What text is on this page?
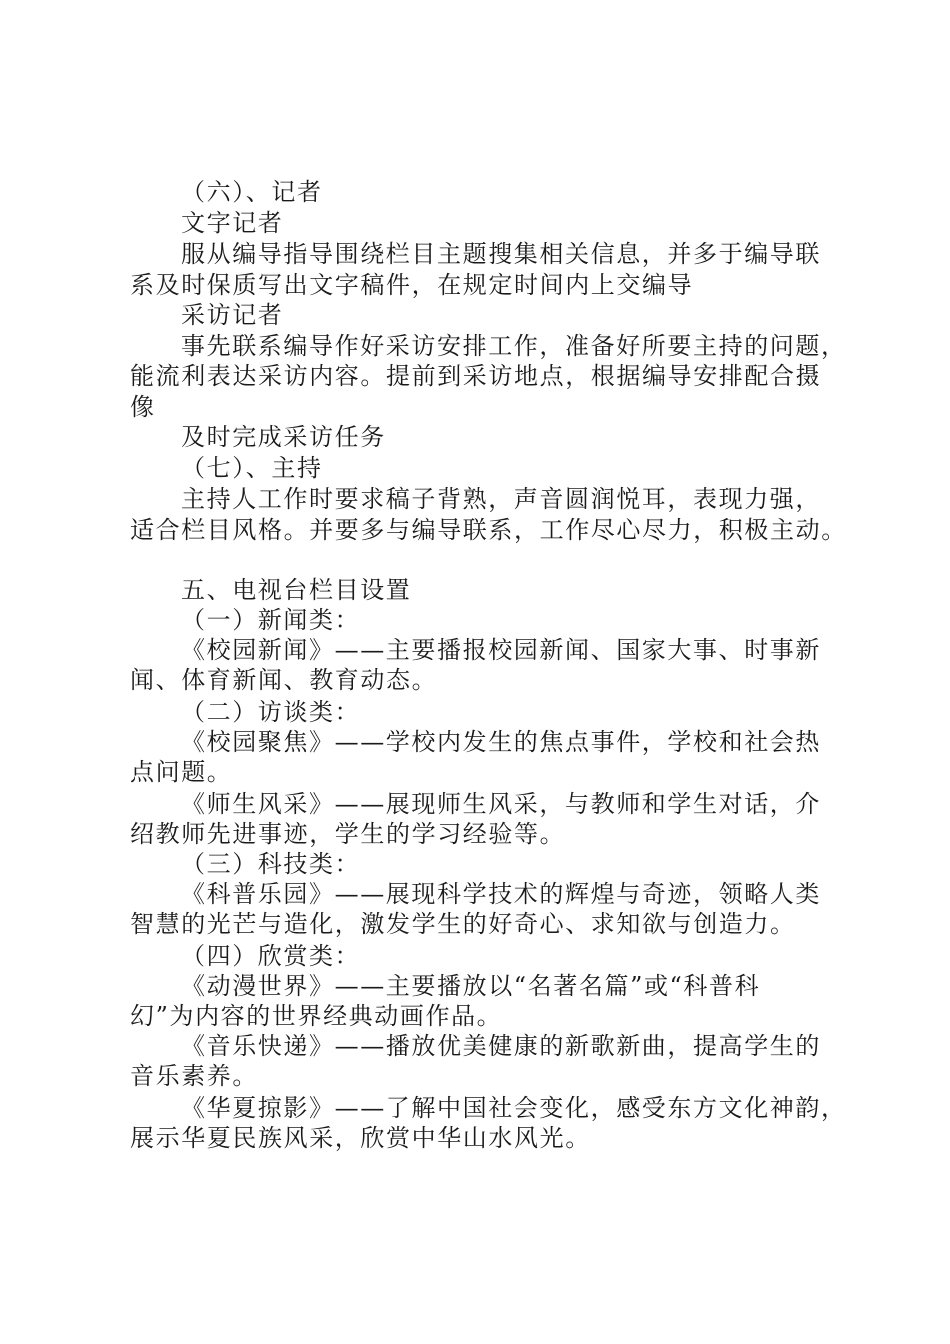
（六）、记者

文字记者

服从编导指导围绕栏目主题搜集相关信息，并多于编导联

系及时保质写出文字稿件，在规定时间内上交编导

采访记者

事先联系编导作好采访安排工作，准备好所要主持的问题，

能流利表达采访内容。提前到采访地点，根据编导安排配合摄

像

及时完成采访任务

（七）、主持

主持人工作时要求稿子背熟，声音圆润悦耳，表现力强，

适合栏目风格。并要多与编导联系，工作尽心尽力，积极主动。

五、电视台栏目设置

（一）新闻类：

《校园新闻》——主要播报校园新闻、国家大事、时事新

闻、体育新闻、教育动态。

（二）访谈类：

《校园聚焦》——学校内发生的焦点事件，学校和社会热

点问题。

《师生风采》——展现师生风采，与教师和学生对话，介

绍教师先进事迹，学生的学习经验等。

（三）科技类：

《科普乐园》——展现科学技术的辉煌与奇迹，领略人类

智慧的光芒与造化，激发学生的好奇心、求知欲与创造力。

（四）欣赏类：

《动漫世界》——主要播放以“名著名篇”或“科普科

幻”为内容的世界经典动画作品。

《音乐快递》——播放优美健康的新歌新曲，提高学生的

音乐素养。

《华夏掠影》——了解中国社会变化，感受东方文化神韵，

展示华夏民族风采，欣赏中华山水风光。
